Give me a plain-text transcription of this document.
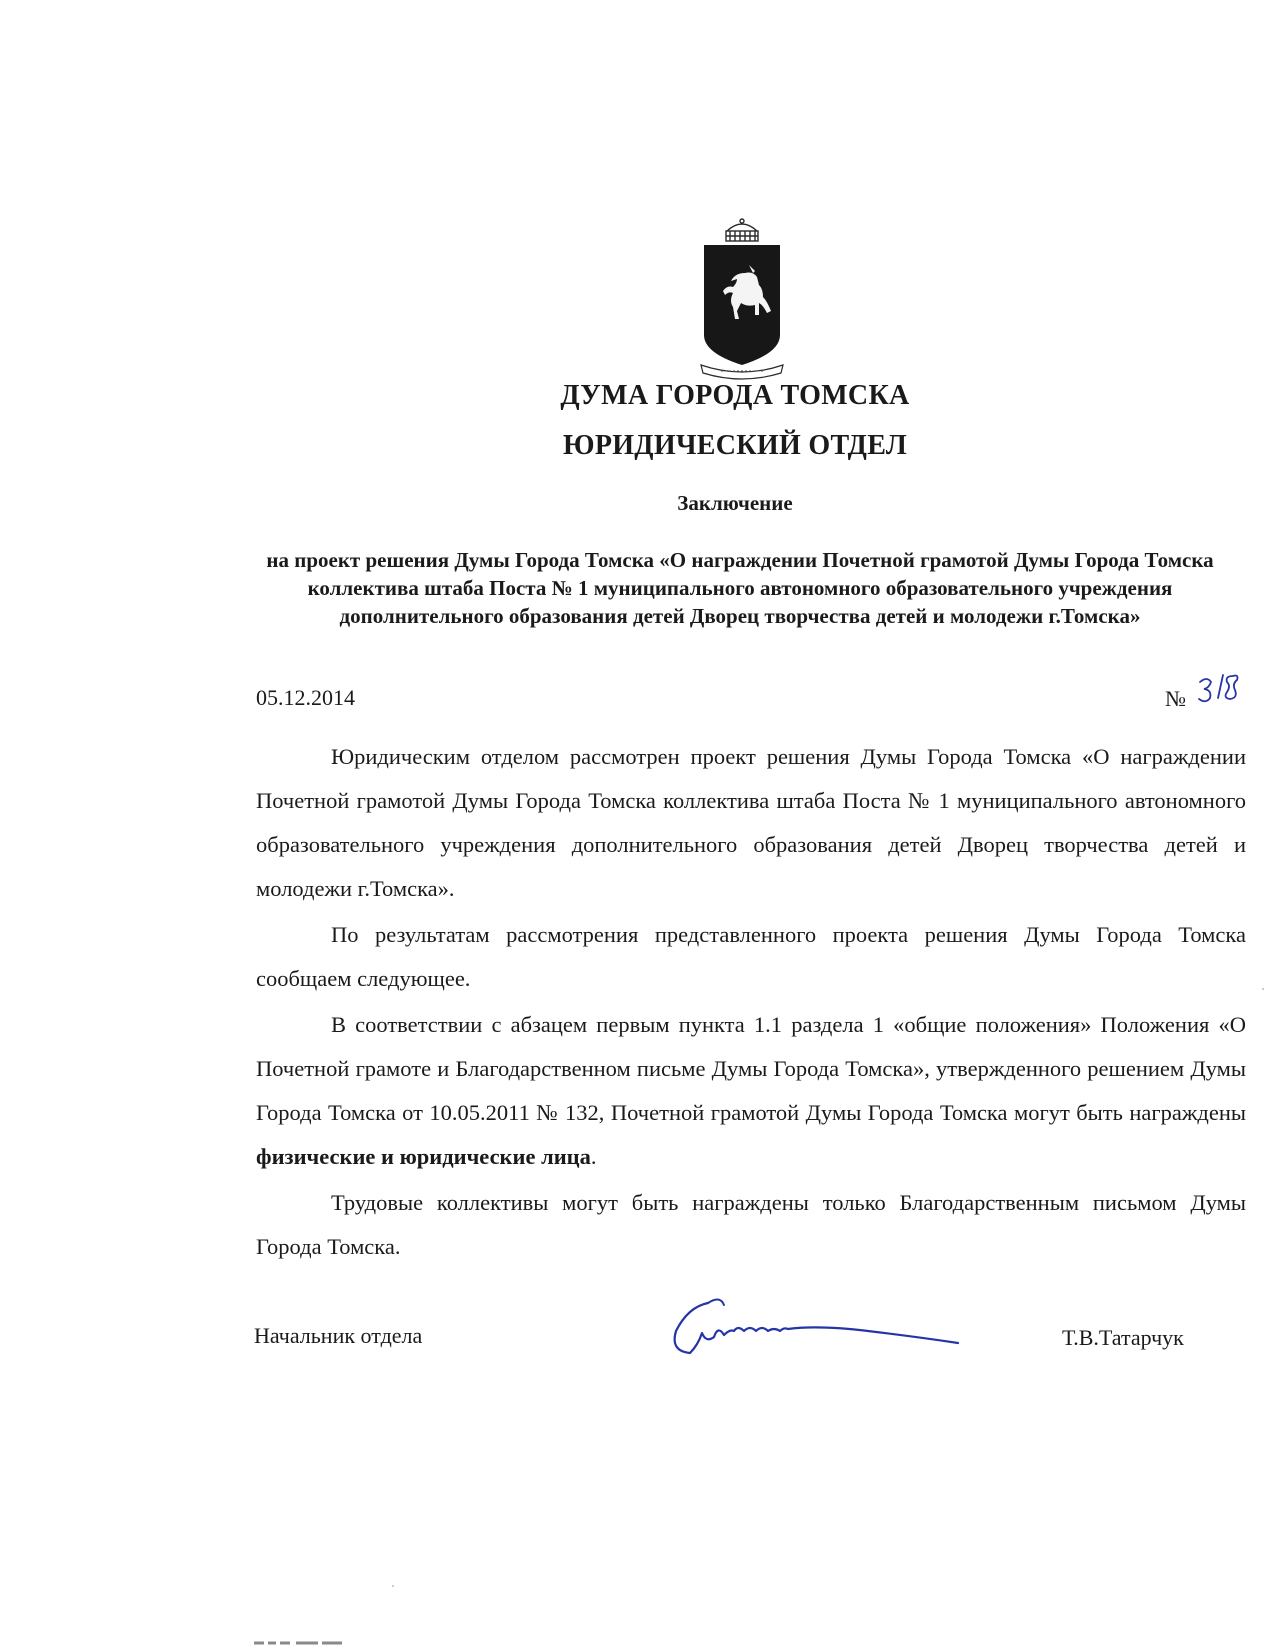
ДУМА ГОРОДА ТОМСКА
ЮРИДИЧЕСКИЙ ОТДЕЛ
Заключение
на проект решения Думы Города Томска «О награждении Почетной грамотой Думы Города Томска коллектива штаба Поста № 1 муниципального автономного образовательного учреждения дополнительного образования детей Дворец творчества детей и молодежи г.Томска»
05.12.2014	№

Юридическим отделом рассмотрен проект решения Думы Города Томска «О награждении Почетной грамотой Думы Города Томска коллектива штаба Поста № 1 муниципального автономного образовательного учреждения дополнительного образования детей Дворец творчества детей и молодежи г.Томска».

По результатам рассмотрения представленного проекта решения Думы Города Томска сообщаем следующее.

В соответствии с абзацем первым пункта 1.1 раздела 1 «общие положения» Положения «О Почетной грамоте и Благодарственном письме Думы Города Томска», утвержденного решением Думы Города Томска от 10.05.2011 № 132, Почетной грамотой Думы Города Томска могут быть награждены физические и юридические лица.

Трудовые коллективы могут быть награждены только Благодарственным письмом Думы Города Томска.

Начальник отдела	Т.В.Татарчук
